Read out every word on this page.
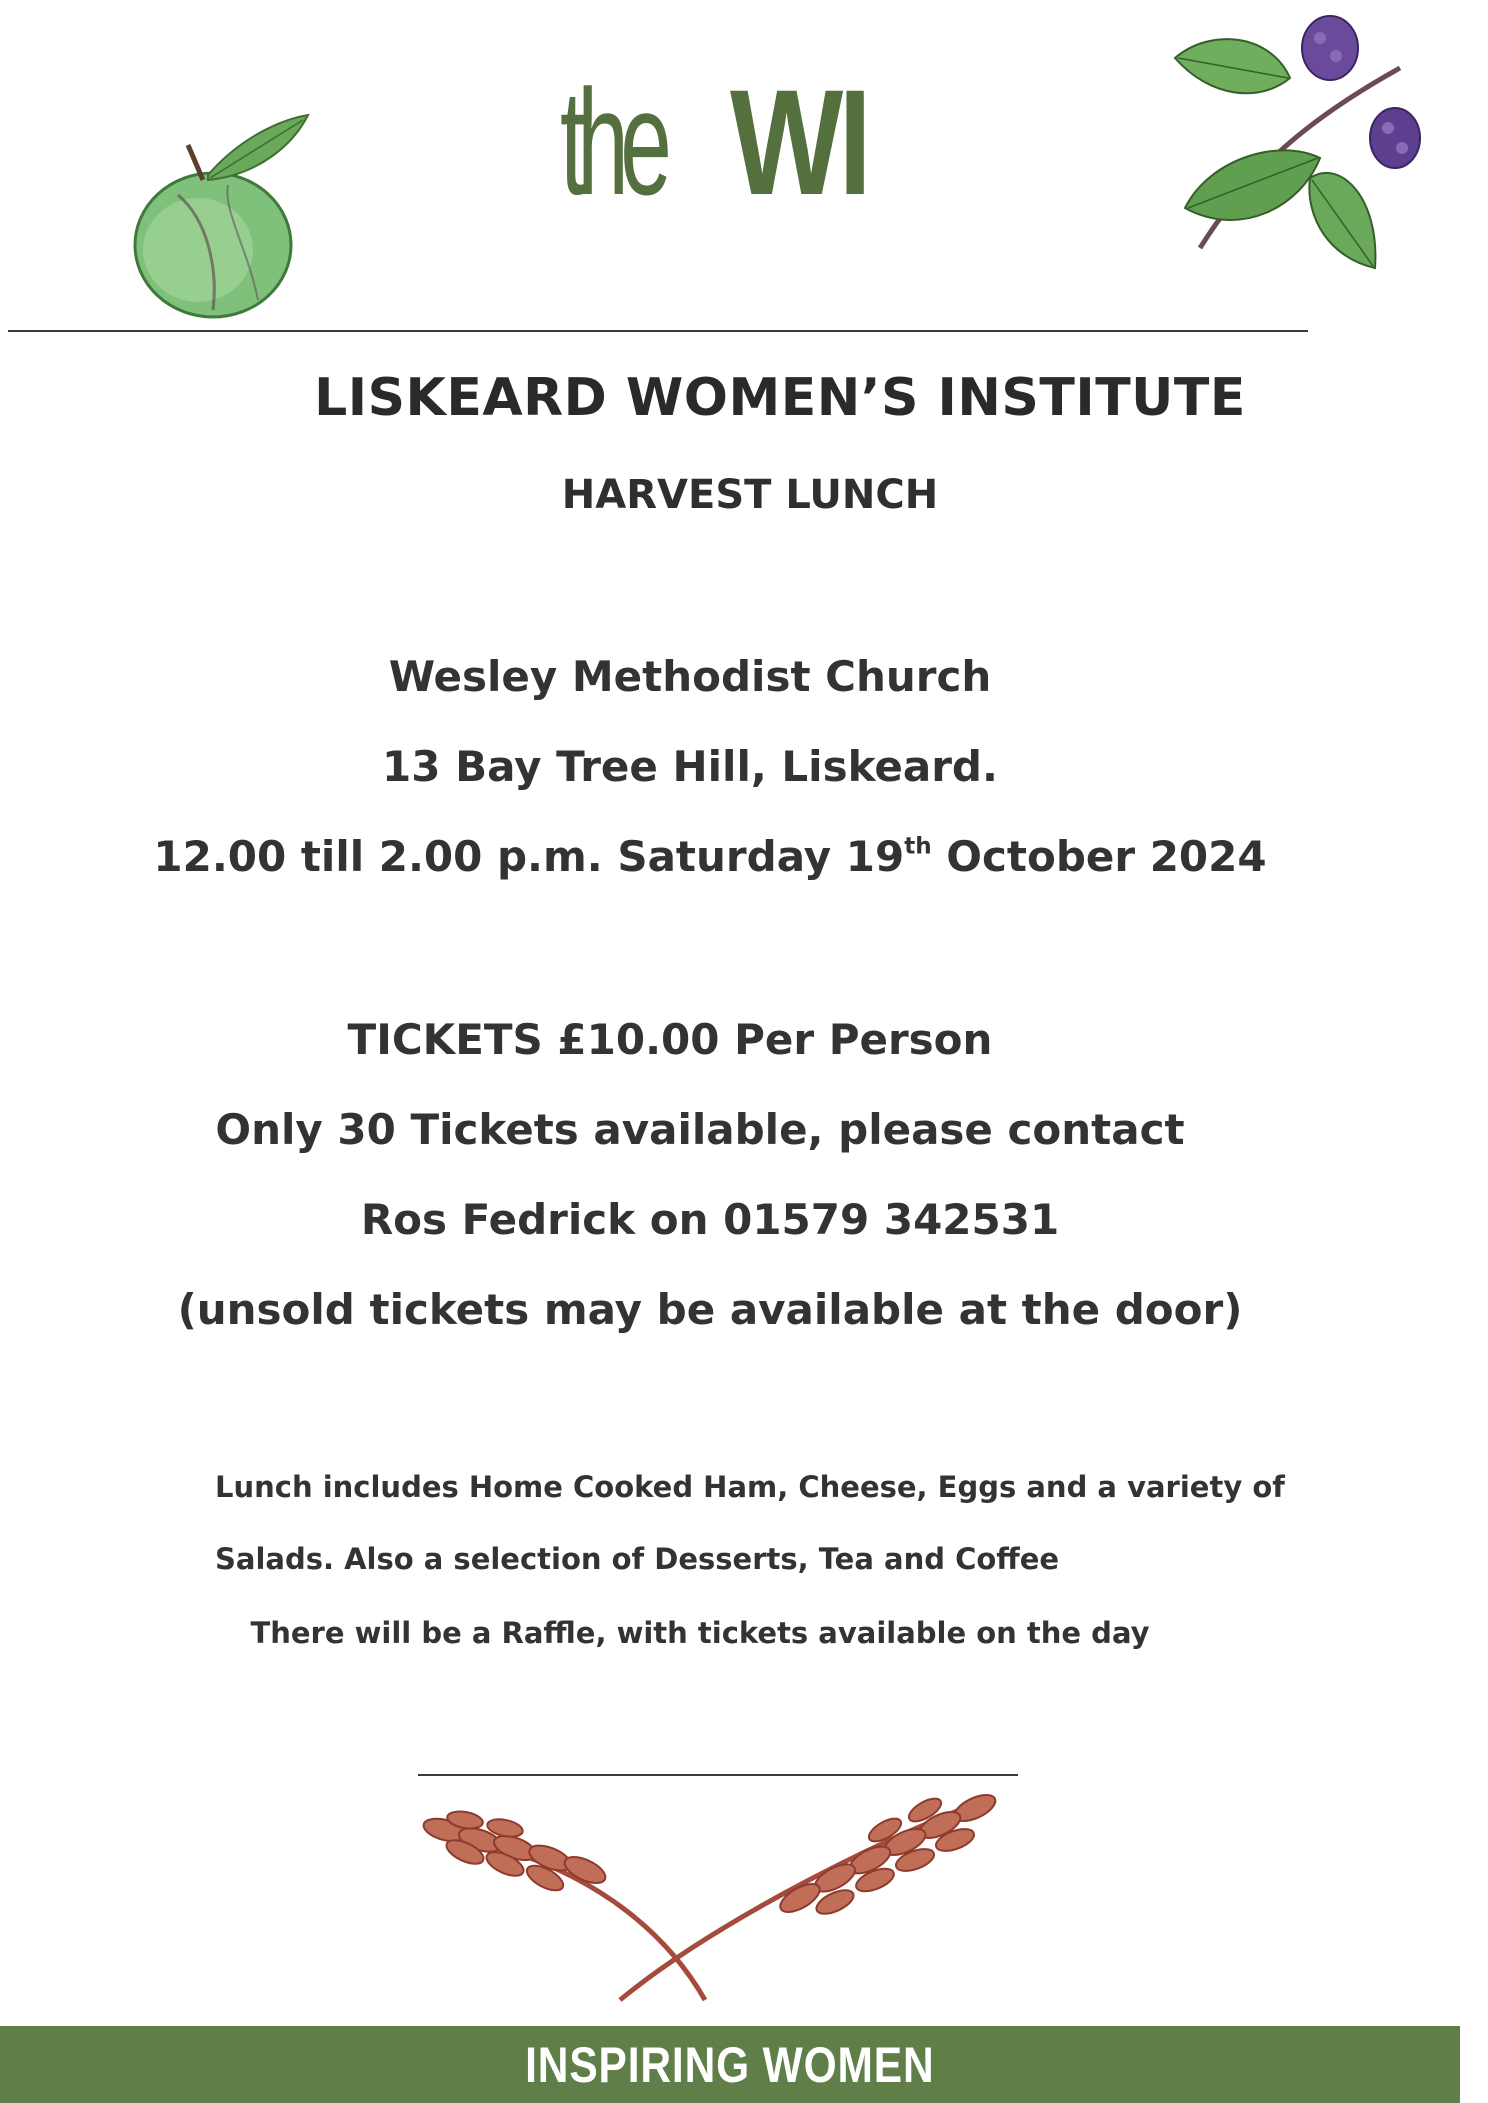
the WI
LISKEARD WOMEN’S INSTITUTE
HARVEST LUNCH
Wesley Methodist Church
13 Bay Tree Hill, Liskeard.
12.00 till 2.00 p.m. Saturday 19th October 2024
TICKETS £10.00 Per Person
Only 30 Tickets available, please contact
Ros Fedrick on 01579 342531
(unsold tickets may be available at the door)
Lunch includes Home Cooked Ham, Cheese, Eggs and a variety of
Salads. Also a selection of Desserts, Tea and Coffee
There will be a Raffle, with tickets available on the day
INSPIRING WOMEN
